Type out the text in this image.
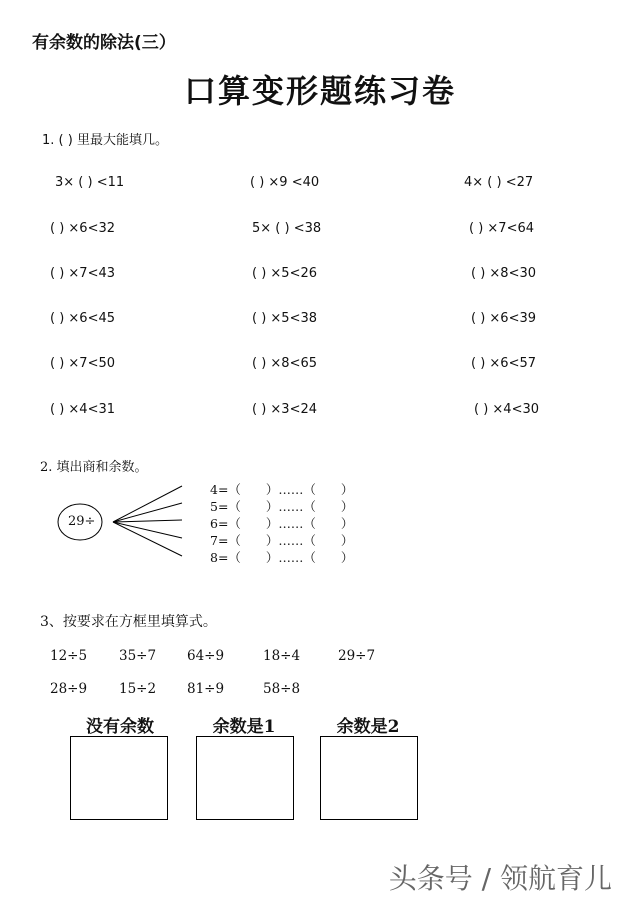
有余数的除法(三）
口算变形题练习卷
1. ( ) 里最大能填几。
3× ( ) <11	( ) ×9 <40	4× ( ) <27
( ) ×6<32	5× ( ) <38	( ) ×7<64
( ) ×7<43	( ) ×5<26	( ) ×8<30
( ) ×6<45	( ) ×5<38	( ) ×6<39
( ) ×7<50	( ) ×8<65	( ) ×6<57
( ) ×4<31	( ) ×3<24	( ) ×4<30
2. 填出商和余数。
29÷
4=（　　）……（　　）
5=（　　）……（　　）
6=（　　）……（　　）
7=（　　）……（　　）
8=（　　）……（　　）
3、按要求在方框里填算式。
12÷5 35÷7 64÷9	18÷4	29÷7
28÷9 15÷2 81÷9	58÷8
没有余数	余数是1	余数是2
头条号 / 领航育儿
